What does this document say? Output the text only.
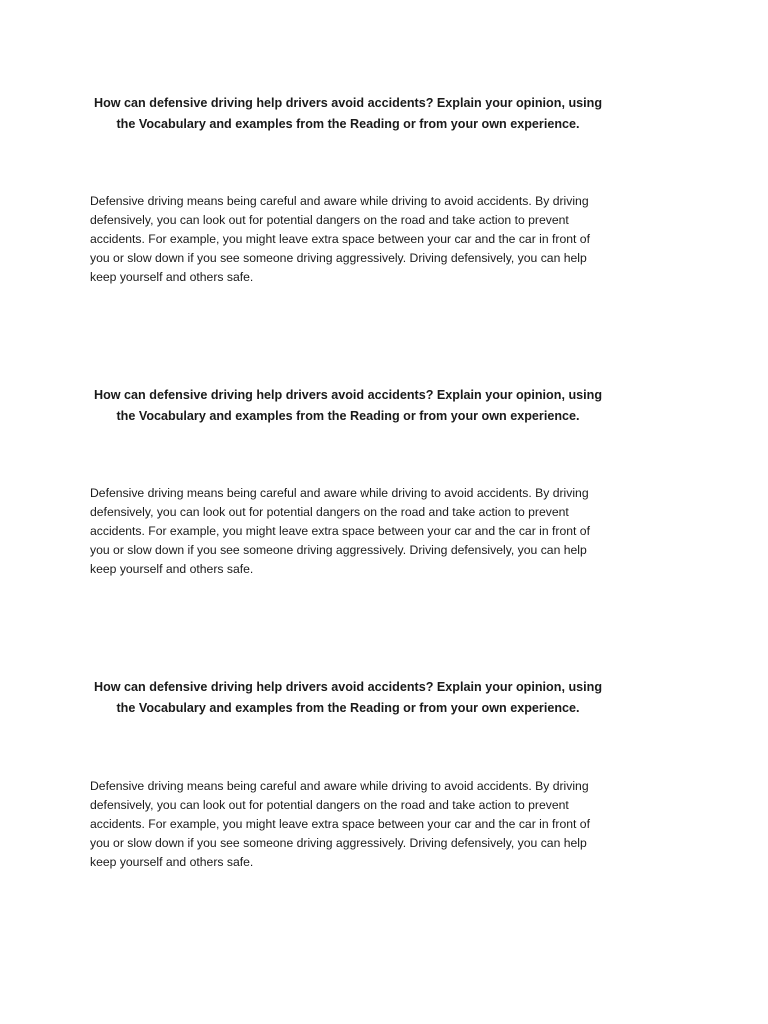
How can defensive driving help drivers avoid accidents? Explain your opinion, using the Vocabulary and examples from the Reading or from your own experience.

Defensive driving means being careful and aware while driving to avoid accidents. By driving defensively, you can look out for potential dangers on the road and take action to prevent accidents. For example, you might leave extra space between your car and the car in front of you or slow down if you see someone driving aggressively. Driving defensively, you can help keep yourself and others safe.

How can defensive driving help drivers avoid accidents? Explain your opinion, using the Vocabulary and examples from the Reading or from your own experience.

Defensive driving means being careful and aware while driving to avoid accidents. By driving defensively, you can look out for potential dangers on the road and take action to prevent accidents. For example, you might leave extra space between your car and the car in front of you or slow down if you see someone driving aggressively. Driving defensively, you can help keep yourself and others safe.

How can defensive driving help drivers avoid accidents? Explain your opinion, using the Vocabulary and examples from the Reading or from your own experience.

Defensive driving means being careful and aware while driving to avoid accidents. By driving defensively, you can look out for potential dangers on the road and take action to prevent accidents. For example, you might leave extra space between your car and the car in front of you or slow down if you see someone driving aggressively. Driving defensively, you can help keep yourself and others safe.
